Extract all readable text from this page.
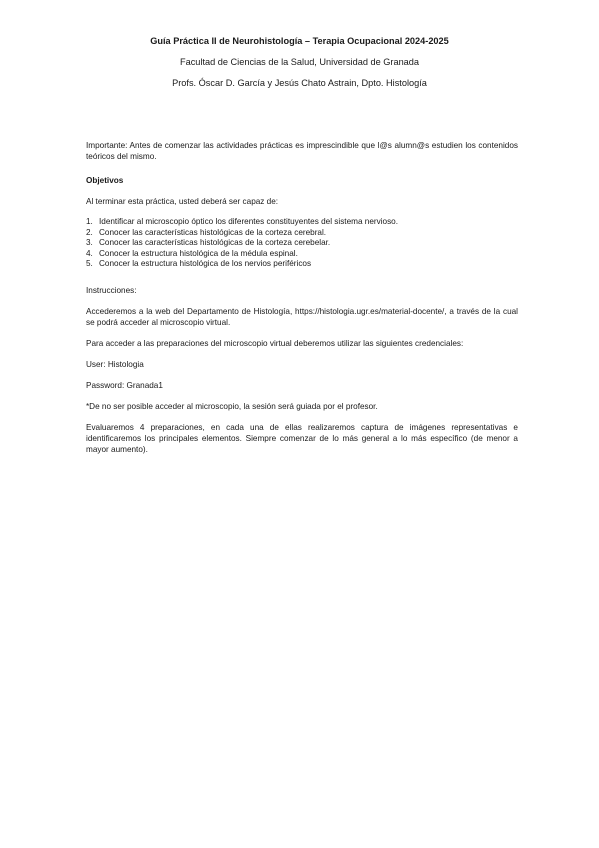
Guía Práctica II de Neurohistología – Terapia Ocupacional 2024-2025
Facultad de Ciencias de la Salud, Universidad de Granada
Profs. Óscar D. García y Jesús Chato Astrain, Dpto. Histología

Importante: Antes de comenzar las actividades prácticas es imprescindible que l@s alumn@s estudien los contenidos teóricos del mismo.

Objetivos

Al terminar esta práctica, usted deberá ser capaz de:

1. Identificar al microscopio óptico los diferentes constituyentes del sistema nervioso.
2. Conocer las características histológicas de la corteza cerebral.
3. Conocer las características histológicas de la corteza cerebelar.
4. Conocer la estructura histológica de la médula espinal.
5. Conocer la estructura histológica de los nervios periféricos

Instrucciones:

Accederemos a la web del Departamento de Histología, https://histologia.ugr.es/material-docente/, a través de la cual se podrá acceder al microscopio virtual.

Para acceder a las preparaciones del microscopio virtual deberemos utilizar las siguientes credenciales:

User: Histologia

Password: Granada1

*De no ser posible acceder al microscopio, la sesión será guiada por el profesor.

Evaluaremos 4 preparaciones, en cada una de ellas realizaremos captura de imágenes representativas e identificaremos los principales elementos. Siempre comenzar de lo más general a lo más específico (de menor a mayor aumento).
